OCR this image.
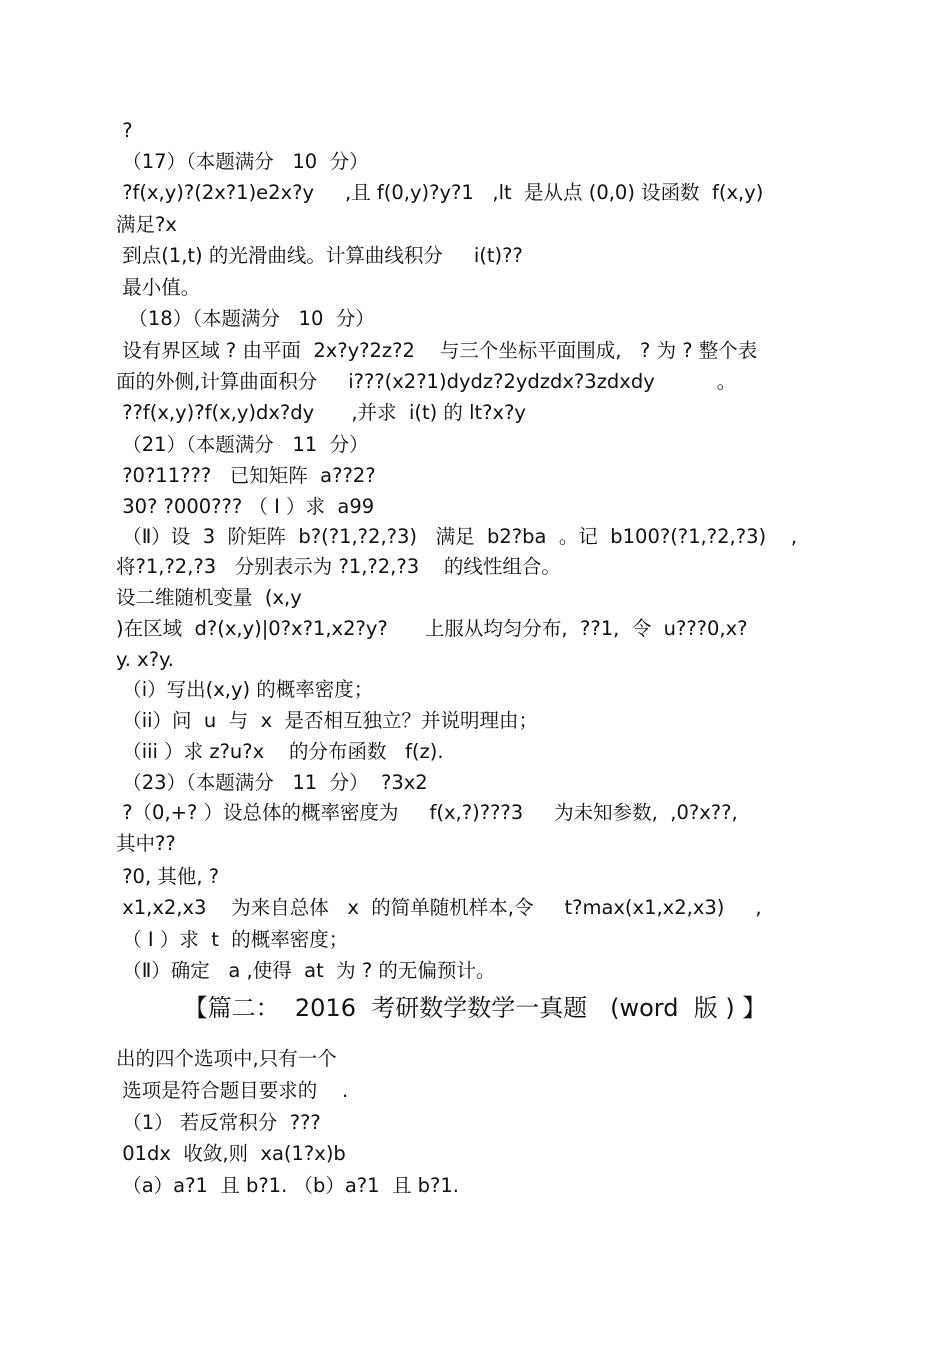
?
（17）（本题满分   10  分）
?f(x,y)?(2x?1)e2x?y     ,且 f(0,y)?y?1   ,lt  是从点 (0,0) 设函数  f(x,y)
满足?x
到点(1,t) 的光滑曲线。计算曲线积分     i(t)??
最小值。
（18）（本题满分   10  分）
设有界区域 ? 由平面  2x?y?2z?2    与三个坐标平面围成,   ? 为 ? 整个表
面的外侧,计算曲面积分     i???(x2?1)dydz?2ydzdx?3zdxdy          。
??f(x,y)?f(x,y)dx?dy      ,并求  i(t) 的 lt?x?y
（21）（本题满分   11  分）
?0?11???   已知矩阵  a??2?
30? ?000??? （ Ⅰ ）求  a99
（Ⅱ）设  3  阶矩阵  b?(?1,?2,?3)   满足  b2?ba  。记  b100?(?1,?2,?3)    ,
将?1,?2,?3   分别表示为 ?1,?2,?3    的线性组合。
设二维随机变量  (x,y
)在区域  d?(x,y)|0?x?1,x2?y?      上服从均匀分布,  ??1,  令  u???0,x?
y. x?y.
（i）写出(x,y) 的概率密度；
（ii）问  u  与  x  是否相互独立？并说明理由；
（iii ）求 z?u?x    的分布函数   f(z).
（23）（本题满分   11  分）  ?3x2
?（0,+? ）设总体的概率密度为     f(x,?)???3     为未知参数,  ,0?x??,
其中??
?0, 其他, ?
x1,x2,x3    为来自总体   x  的简单随机样本,令     t?max(x1,x2,x3)     ,
（ Ⅰ ）求  t  的概率密度；
（Ⅱ）确定   a ,使得  at  为 ? 的无偏预计。
【篇二：  2016  考研数学数学一真题   (word  版 ) 】
出的四个选项中,只有一个
选项是符合题目要求的    .
（1） 若反常积分  ???
01dx  收敛,则  xa(1?x)b
（a）a?1  且 b?1. （b）a?1  且 b?1.
